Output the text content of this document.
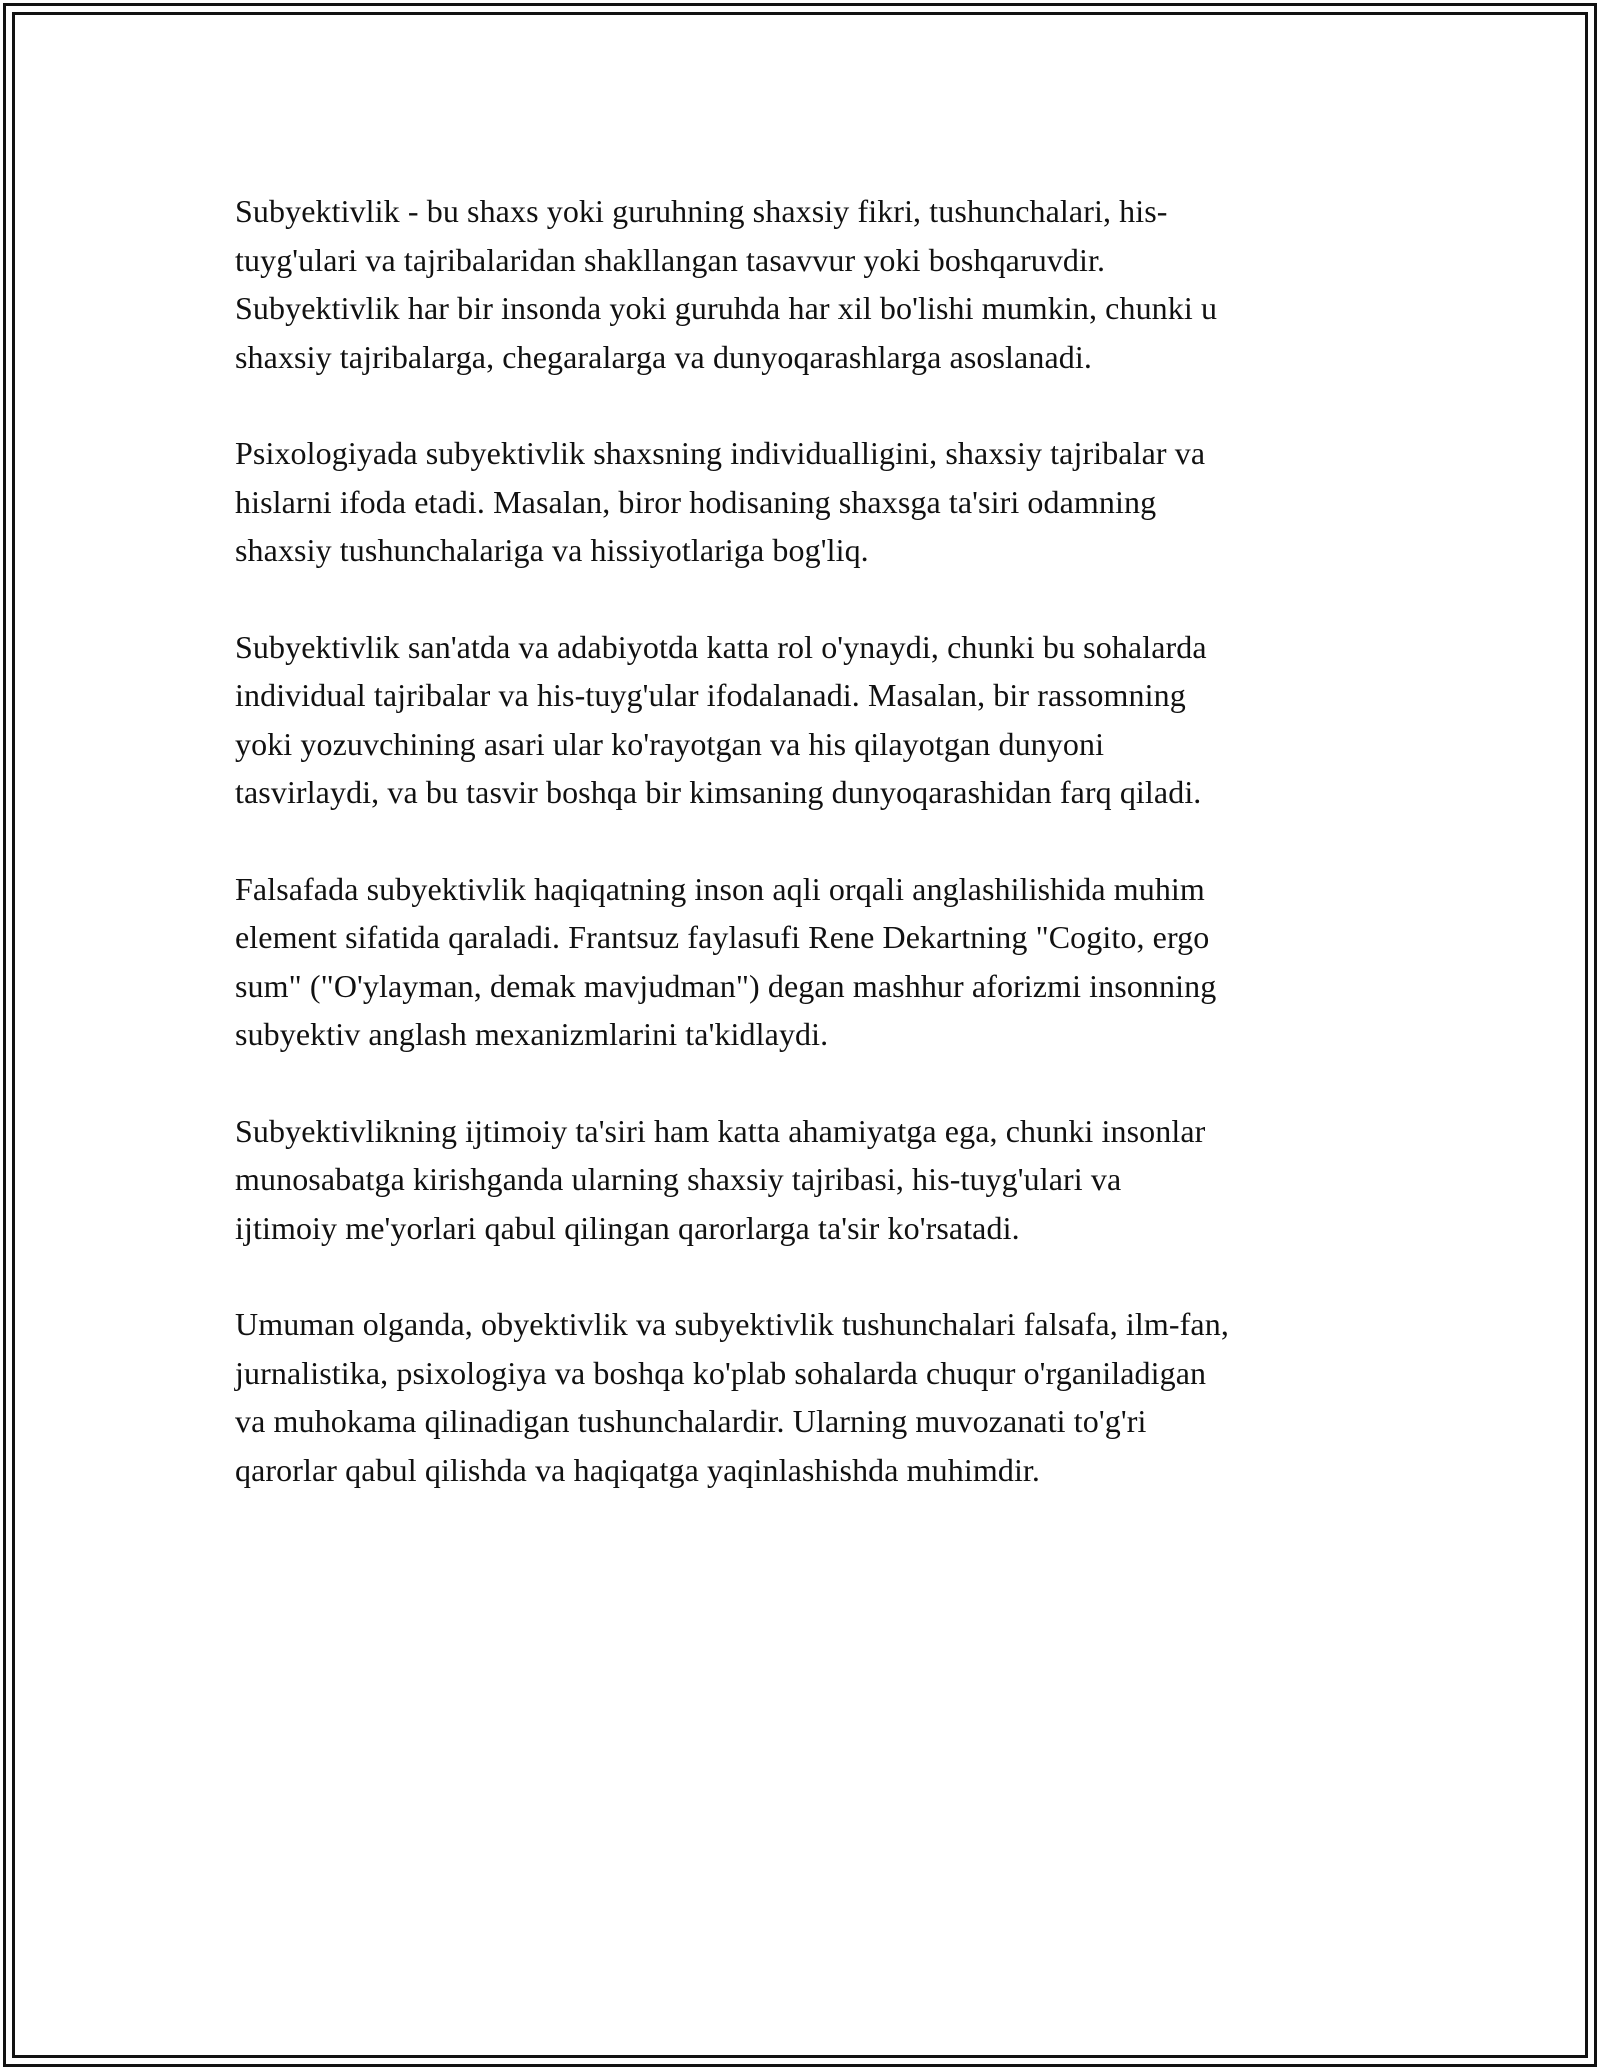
Subyektivlik - bu shaxs yoki guruhning shaxsiy fikri, tushunchalari, his-
tuyg'ulari va tajribalaridan shakllangan tasavvur yoki boshqaruvdir.
Subyektivlik har bir insonda yoki guruhda har xil bo'lishi mumkin, chunki u
shaxsiy tajribalarga, chegaralarga va dunyoqarashlarga asoslanadi.

Psixologiyada subyektivlik shaxsning individualligini, shaxsiy tajribalar va
hislarni ifoda etadi. Masalan, biror hodisaning shaxsga ta'siri odamning
shaxsiy tushunchalariga va hissiyotlariga bog'liq.

Subyektivlik san'atda va adabiyotda katta rol o'ynaydi, chunki bu sohalarda
individual tajribalar va his-tuyg'ular ifodalanadi. Masalan, bir rassomning
yoki yozuvchining asari ular ko'rayotgan va his qilayotgan dunyoni
tasvirlaydi, va bu tasvir boshqa bir kimsaning dunyoqarashidan farq qiladi.

Falsafada subyektivlik haqiqatning inson aqli orqali anglashilishida muhim
element sifatida qaraladi. Frantsuz faylasufi Rene Dekartning "Cogito, ergo
sum" ("O'ylayman, demak mavjudman") degan mashhur aforizmi insonning
subyektiv anglash mexanizmlarini ta'kidlaydi.

Subyektivlikning ijtimoiy ta'siri ham katta ahamiyatga ega, chunki insonlar
munosabatga kirishganda ularning shaxsiy tajribasi, his-tuyg'ulari va
ijtimoiy me'yorlari qabul qilingan qarorlarga ta'sir ko'rsatadi.

Umuman olganda, obyektivlik va subyektivlik tushunchalari falsafa, ilm-fan,
jurnalistika, psixologiya va boshqa ko'plab sohalarda chuqur o'rganiladigan
va muhokama qilinadigan tushunchalardir. Ularning muvozanati to'g'ri
qarorlar qabul qilishda va haqiqatga yaqinlashishda muhimdir.
